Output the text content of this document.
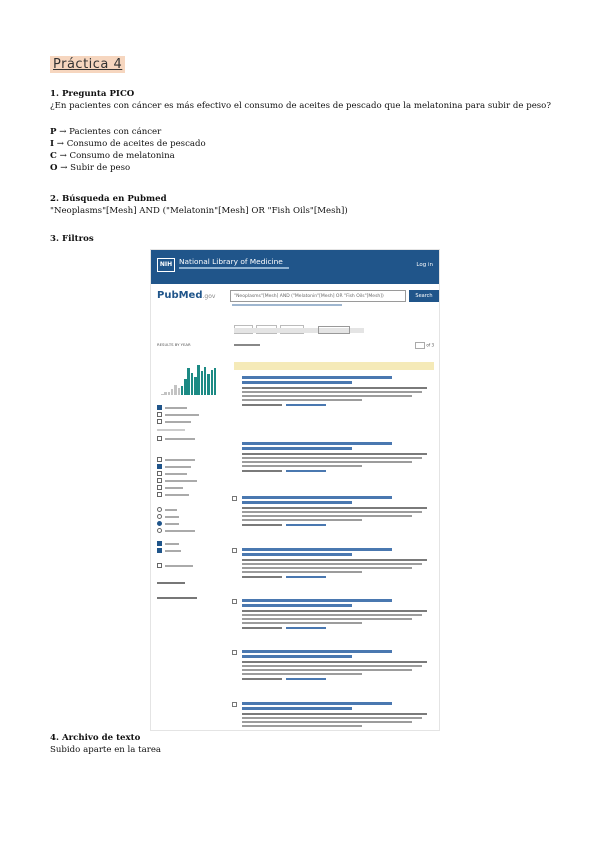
Práctica 4
1. Pregunta PICO
¿En pacientes con cáncer es más efectivo el consumo de aceites de pescado que la melatonina para subir de peso?
P → Pacientes con cáncer
I → Consumo de aceites de pescado
C → Consumo de melatonina
O → Subir de peso
2. Búsqueda en Pubmed
"Neoplasms"[Mesh] AND ("Melatonin"[Mesh] OR "Fish Oils"[Mesh])
3. Filtros
NIH National Library of Medicine	Log in
PubMed.gov	"Neoplasms"[Mesh] AND ("Melatonin"[Mesh] OR "Fish Oils"[Mesh])	Search
RESULTS BY YEAR	of 3
4. Archivo de texto
Subido aparte en la tarea
